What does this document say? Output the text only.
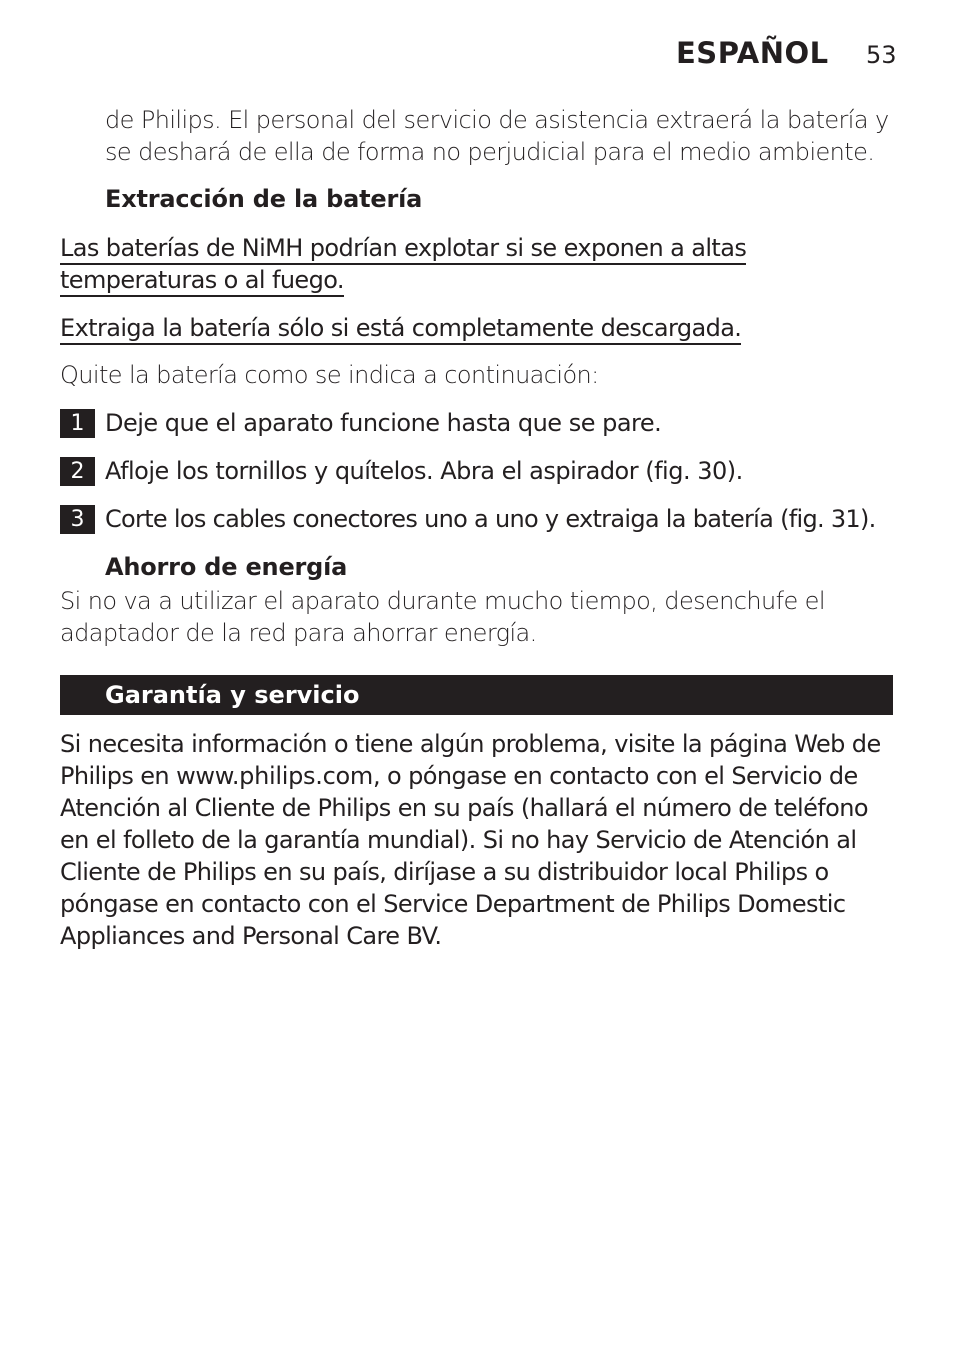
ESPAÑOL 53
de Philips. El personal del servicio de asistencia extraerá la batería y
se deshará de ella de forma no perjudicial para el medio ambiente.
Extracción de la batería
Las baterías de NiMH podrían explotar si se exponen a altas
temperaturas o al fuego.
Extraiga la batería sólo si está completamente descargada.
Quite la batería como se indica a continuación:
1 Deje que el aparato funcione hasta que se pare.
2 Afloje los tornillos y quítelos. Abra el aspirador (fig. 30).
3 Corte los cables conectores uno a uno y extraiga la batería (fig. 31).
Ahorro de energía
Si no va a utilizar el aparato durante mucho tiempo, desenchufe el
adaptador de la red para ahorrar energía.
Garantía y servicio
Si necesita información o tiene algún problema, visite la página Web de
Philips en www.philips.com, o póngase en contacto con el Servicio de
Atención al Cliente de Philips en su país (hallará el número de teléfono
en el folleto de la garantía mundial). Si no hay Servicio de Atención al
Cliente de Philips en su país, diríjase a su distribuidor local Philips o
póngase en contacto con el Service Department de Philips Domestic
Appliances and Personal Care BV.
